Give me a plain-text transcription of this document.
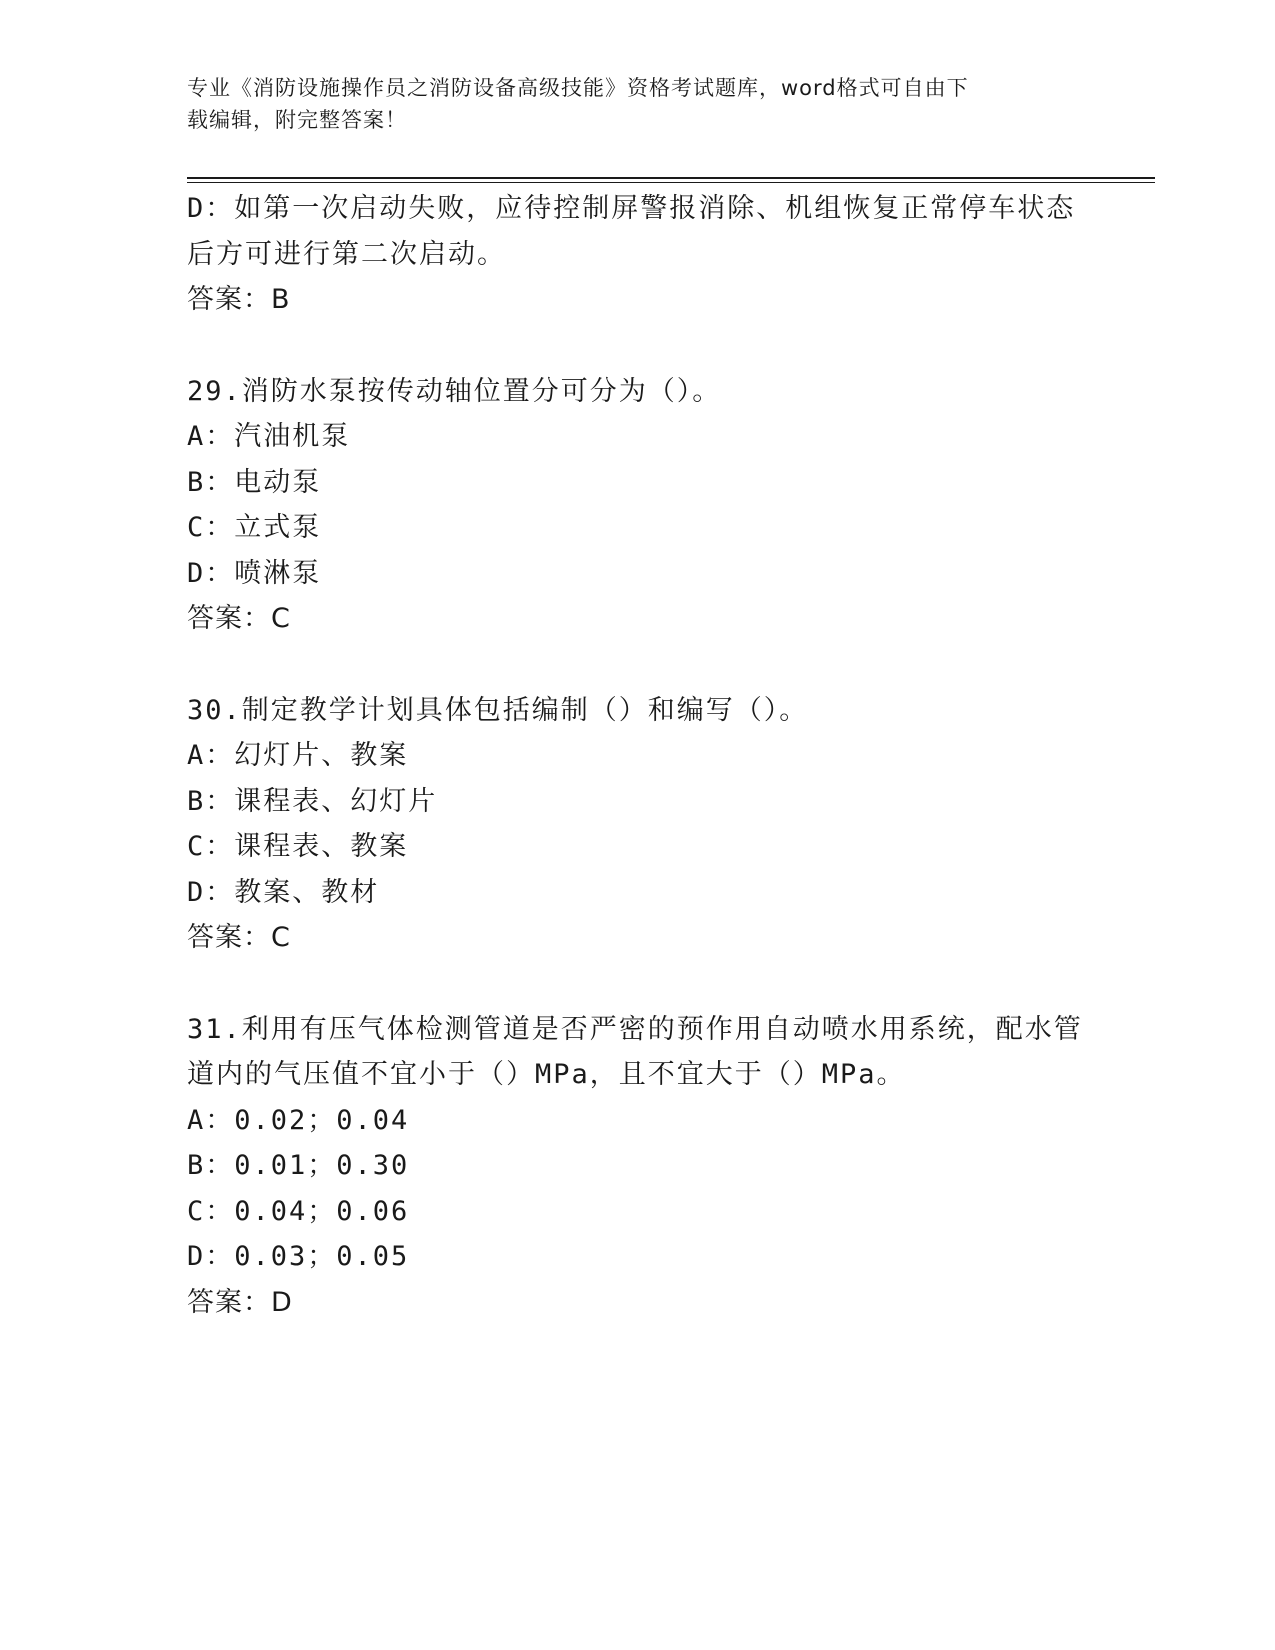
专业《消防设施操作员之消防设备高级技能》资格考试题库，word格式可自由下
载编辑，附完整答案！
D：如第一次启动失败，应待控制屏警报消除、机组恢复正常停车状态
后方可进行第二次启动。
答案：B
29.消防水泵按传动轴位置分可分为（）。
A：汽油机泵
B：电动泵
C：立式泵
D：喷淋泵
答案：C
30.制定教学计划具体包括编制（）和编写（）。
A：幻灯片、教案
B：课程表、幻灯片
C：课程表、教案
D：教案、教材
答案：C
31.利用有压气体检测管道是否严密的预作用自动喷水用系统，配水管
道内的气压值不宜小于（）MPa，且不宜大于（）MPa。
A：0.02；0.04
B：0.01；0.30
C：0.04；0.06
D：0.03；0.05
答案：D
